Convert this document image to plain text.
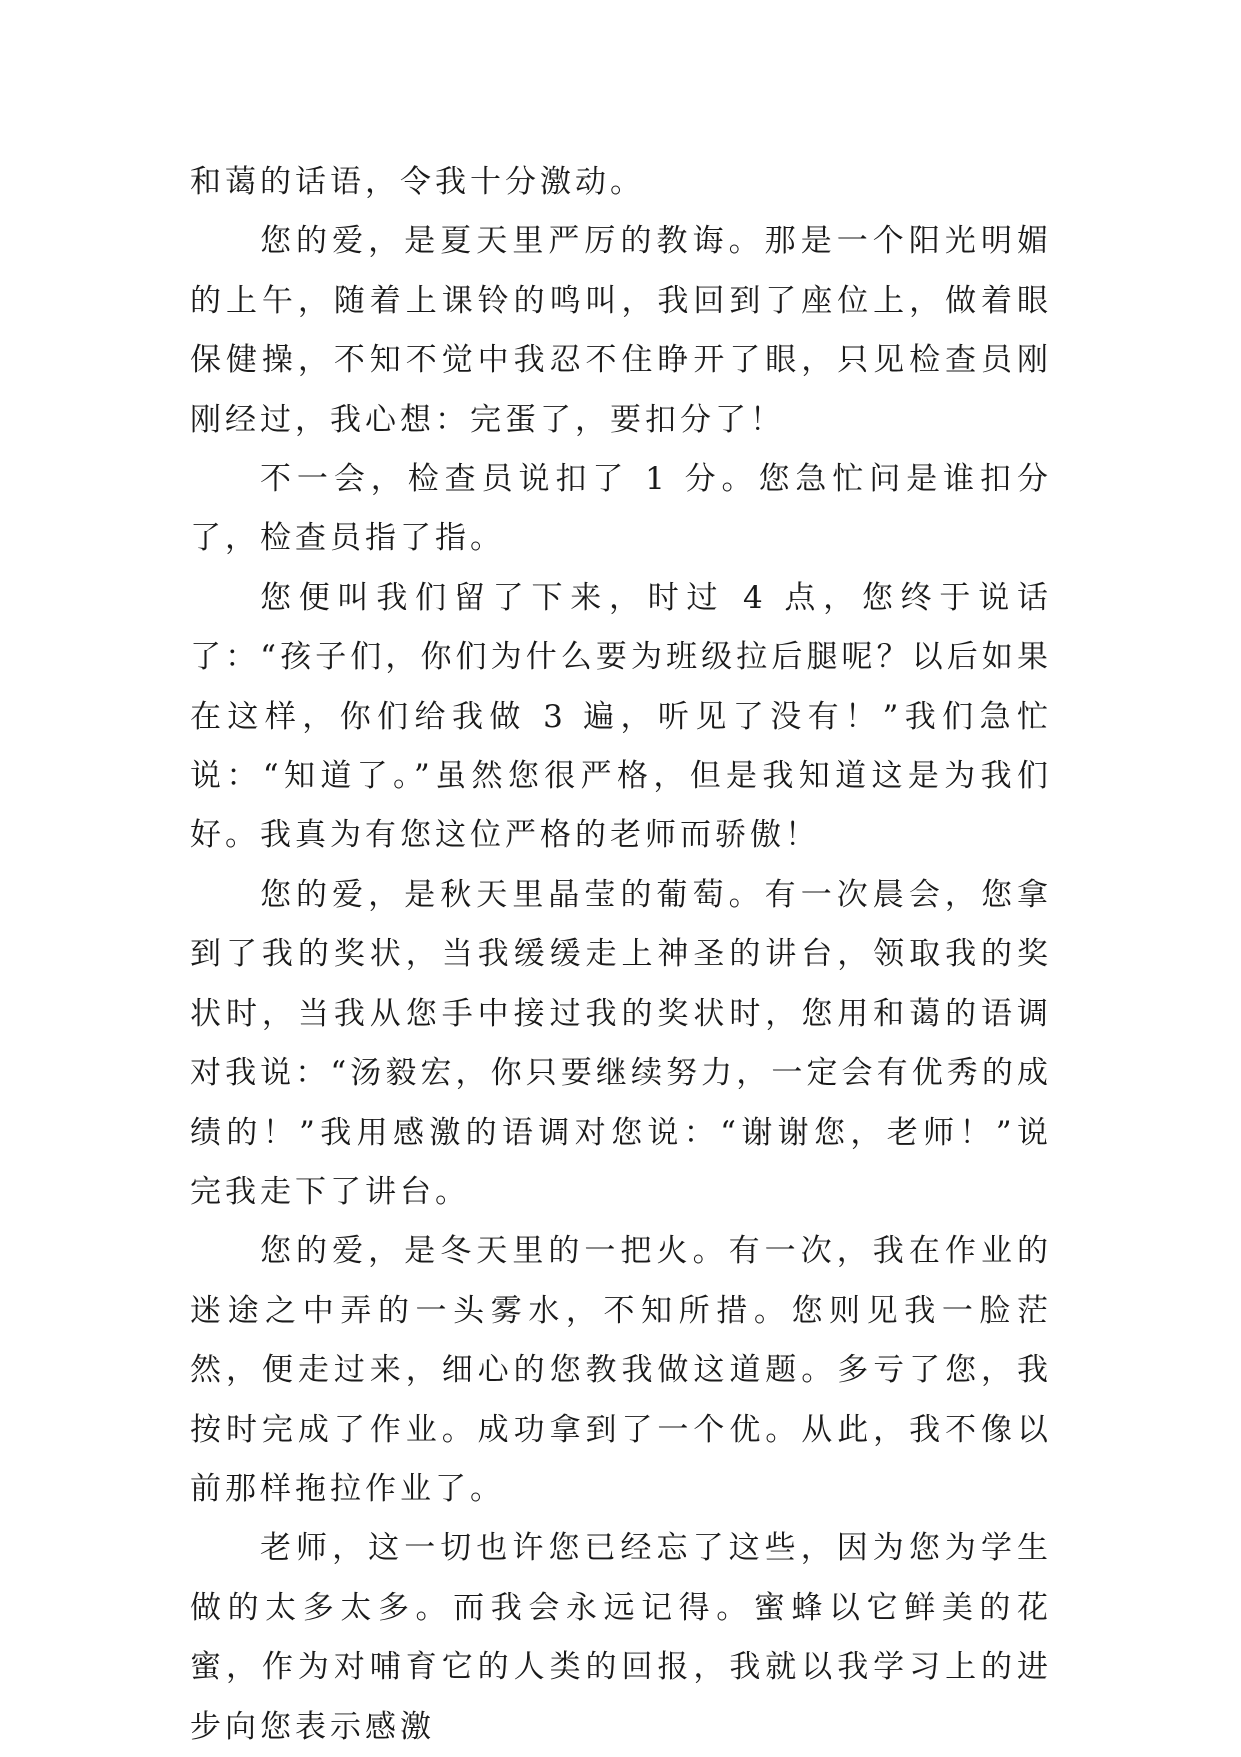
和蔼的话语，令我十分激动。

您的爱，是夏天里严厉的教诲。那是一个阳光明媚的上午，随着上课铃的鸣叫，我回到了座位上，做着眼保健操，不知不觉中我忍不住睁开了眼，只见检查员刚刚经过，我心想：完蛋了，要扣分了！

不一会，检查员说扣了 1 分。您急忙问是谁扣分了，检查员指了指。

您便叫我们留了下来，时过 4 点，您终于说话了：“孩子们，你们为什么要为班级拉后腿呢？以后如果在这样，你们给我做 3 遍，听见了没有！”我们急忙说：“知道了。”虽然您很严格，但是我知道这是为我们好。我真为有您这位严格的老师而骄傲！

您的爱，是秋天里晶莹的葡萄。有一次晨会，您拿到了我的奖状，当我缓缓走上神圣的讲台，领取我的奖状时，当我从您手中接过我的奖状时，您用和蔼的语调对我说：“汤毅宏，你只要继续努力，一定会有优秀的成绩的！”我用感激的语调对您说：“谢谢您，老师！”说完我走下了讲台。

您的爱，是冬天里的一把火。有一次，我在作业的迷途之中弄的一头雾水，不知所措。您则见我一脸茫然，便走过来，细心的您教我做这道题。多亏了您，我按时完成了作业。成功拿到了一个优。从此，我不像以前那样拖拉作业了。

老师，这一切也许您已经忘了这些，因为您为学生做的太多太多。而我会永远记得。蜜蜂以它鲜美的花蜜，作为对哺育它的人类的回报，我就以我学习上的进步向您表示感激
